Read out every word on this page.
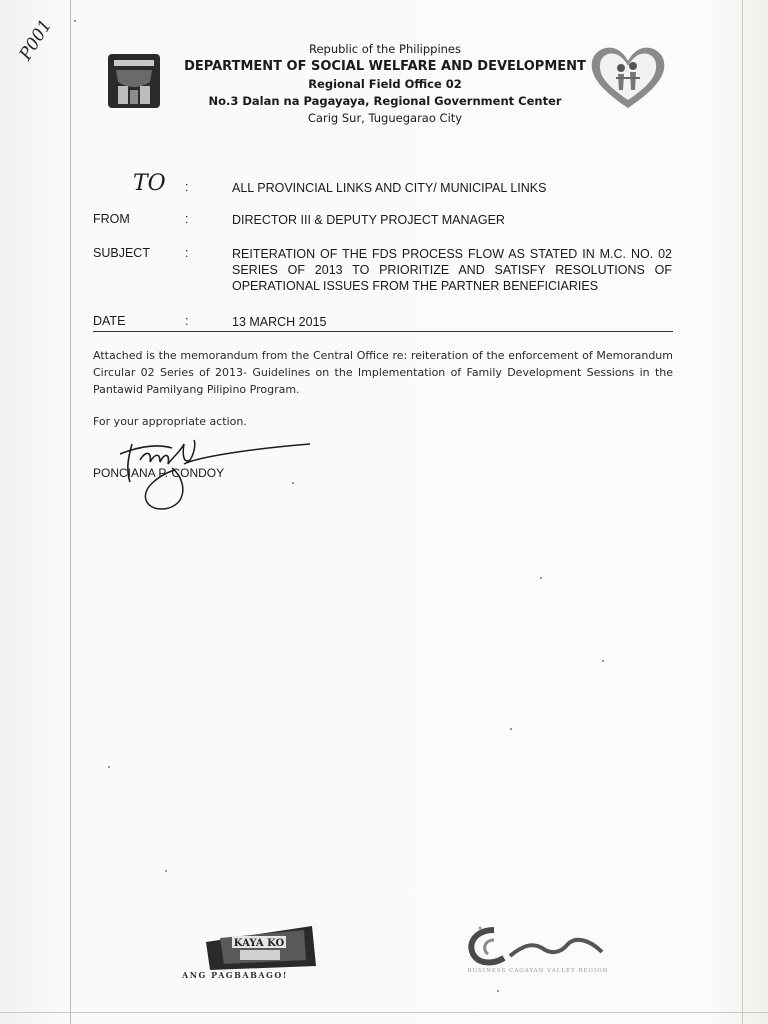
P001	Republic of the Philippines
DEPARTMENT OF SOCIAL WELFARE AND DEVELOPMENT
Regional Field Office 02
No.3 Dalan na Pagayaya, Regional Government Center
Carig Sur, Tuguegarao City
TO :	ALL PROVINCIAL LINKS AND CITY/ MUNICIPAL LINKS
FROM	:	DIRECTOR III & DEPUTY PROJECT MANAGER
SUBJECT	:	REITERATION OF THE FDS PROCESS FLOW AS STATED IN M.C. NO. 02 SERIES OF 2013 TO PRIORITIZE AND SATISFY RESOLUTIONS OF OPERATIONAL ISSUES FROM THE PARTNER BENEFICIARIES
DATE	:	13 MARCH 2015
Attached is the memorandum from the Central Office re: reiteration of the enforcement of Memorandum Circular 02 Series of 2013- Guidelines on the Implementation of Family Development Sessions in the Pantawid Pamilyang Pilipino Program.
For your appropriate action.
PONCIANA P. CONDOY
KAYA KO
ANG PAGBABAGO!	BUSINESS CAGAYAN VALLEY REGION
